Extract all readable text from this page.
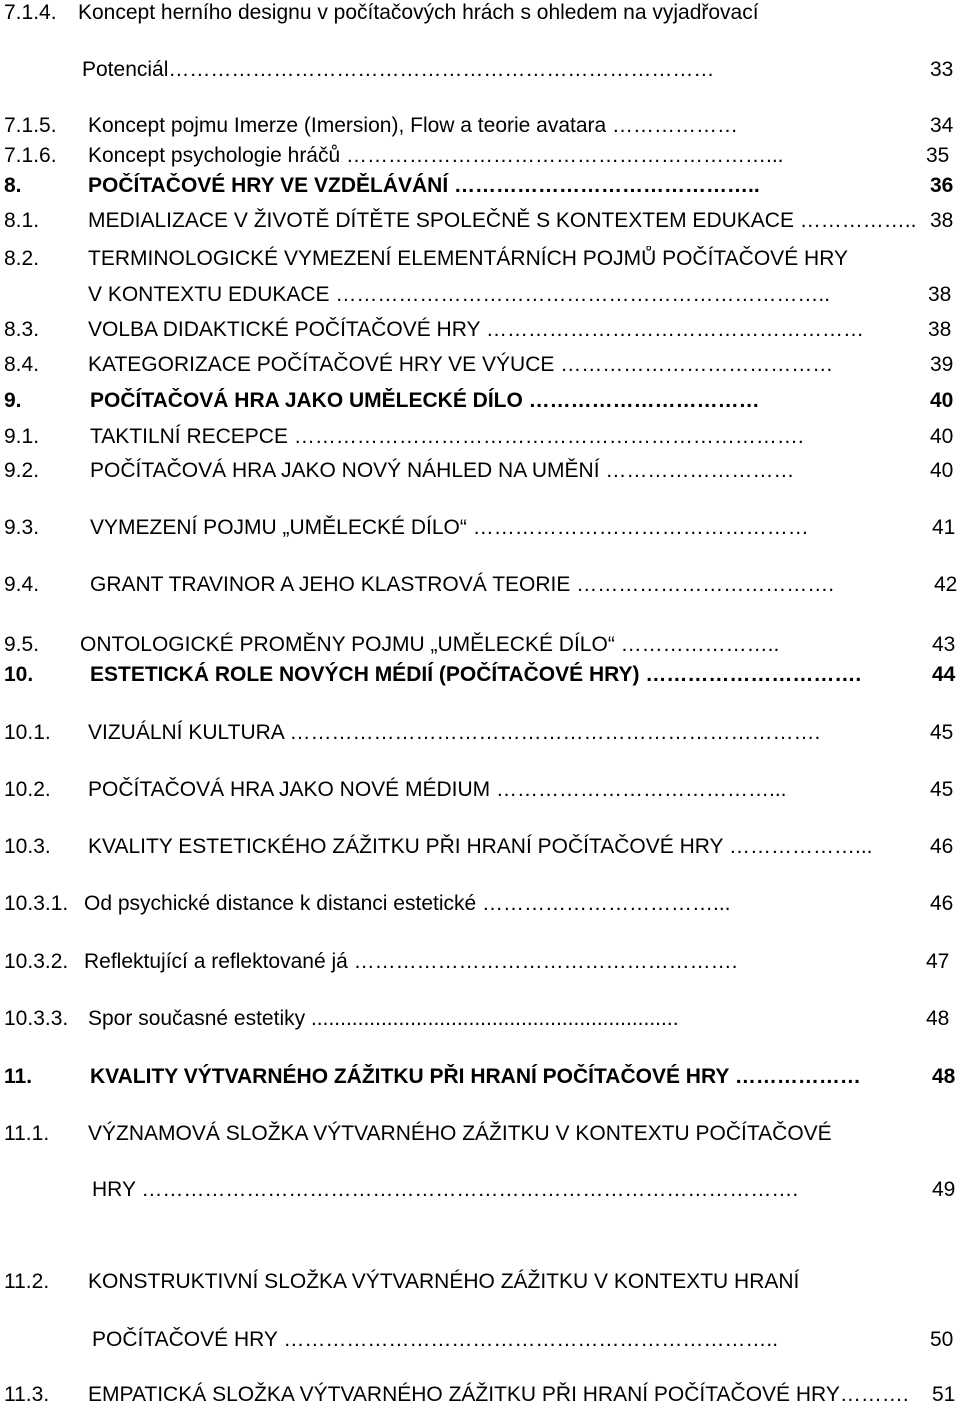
7.1.4. Koncept herního designu v počítačových hrách s ohledem na vyjadřovací
Potenciál……………………………………………………………………	33
7.1.5. Koncept pojmu Imerze (Imersion), Flow a teorie avatara ………………	34
7.1.6. Koncept psychologie hráčů ……………………………………………………...	35
8.	POČÍTAČOVÉ HRY VE VZDĚLÁVÁNÍ ……………………………………..	36
8.1. MEDIALIZACE V ŽIVOTĚ DÍTĚTE SPOLEČNĚ S KONTEXTEM EDUKACE …………….. 38
8.2. TERMINOLOGICKÉ VYMEZENÍ ELEMENTÁRNÍCH POJMŮ POČÍTAČOVÉ HRY
V KONTEXTU EDUKACE ……………………………………………………………..	38
8.3. VOLBA DIDAKTICKÉ POČÍTAČOVÉ HRY ………………………………………………	38
8.4. KATEGORIZACE POČÍTAČOVÉ HRY VE VÝUCE …………………………………	39
9.	POČÍTAČOVÁ HRA JAKO UMĚLECKÉ DÍLO ……………………………	40
9.1. TAKTILNÍ RECEPCE ……………………………………………………………….	40
9.2. POČÍTAČOVÁ HRA JAKO NOVÝ NÁHLED NA UMĚNÍ ………………………	40
9.3. VYMEZENÍ POJMU „UMĚLECKÉ DÍLO“ …………………………………………	41
9.4. GRANT TRAVINOR A JEHO KLASTROVÁ TEORIE ……………………………….	42
9.5. ONTOLOGICKÉ PROMĚNY POJMU „UMĚLECKÉ DÍLO“ …………………..	43
10.	ESTETICKÁ ROLE NOVÝCH MÉDIÍ (POČÍTAČOVÉ HRY) ………………………….	44
10.1. VIZUÁLNÍ KULTURA ………………………………………………………………….	45
10.2. POČÍTAČOVÁ HRA JAKO NOVÉ MÉDIUM …………………………………...	45
10.3. KVALITY ESTETICKÉHO ZÁŽITKU PŘI HRANÍ POČÍTAČOVÉ HRY ………………...	46
10.3.1. Od psychické distance k distanci estetické ……………………………...	46
10.3.2. Reflektující a reflektované já ……………………………………………….	47
10.3.3. Spor současné estetiky ...............................................................	48
11.	KVALITY VÝTVARNÉHO ZÁŽITKU PŘI HRANÍ POČÍTAČOVÉ HRY ………………	48
11.1. VÝZNAMOVÁ SLOŽKA VÝTVARNÉHO ZÁŽITKU V KONTEXTU POČÍTAČOVÉ
HRY ………………………………………………………………………………….	49
11.2. KONSTRUKTIVNÍ SLOŽKA VÝTVARNÉHO ZÁŽITKU V KONTEXTU HRANÍ
POČÍTAČOVÉ HRY ……………………………………………………………..	50
11.3. EMPATICKÁ SLOŽKA VÝTVARNÉHO ZÁŽITKU PŘI HRANÍ POČÍTAČOVÉ HRY……….	51
